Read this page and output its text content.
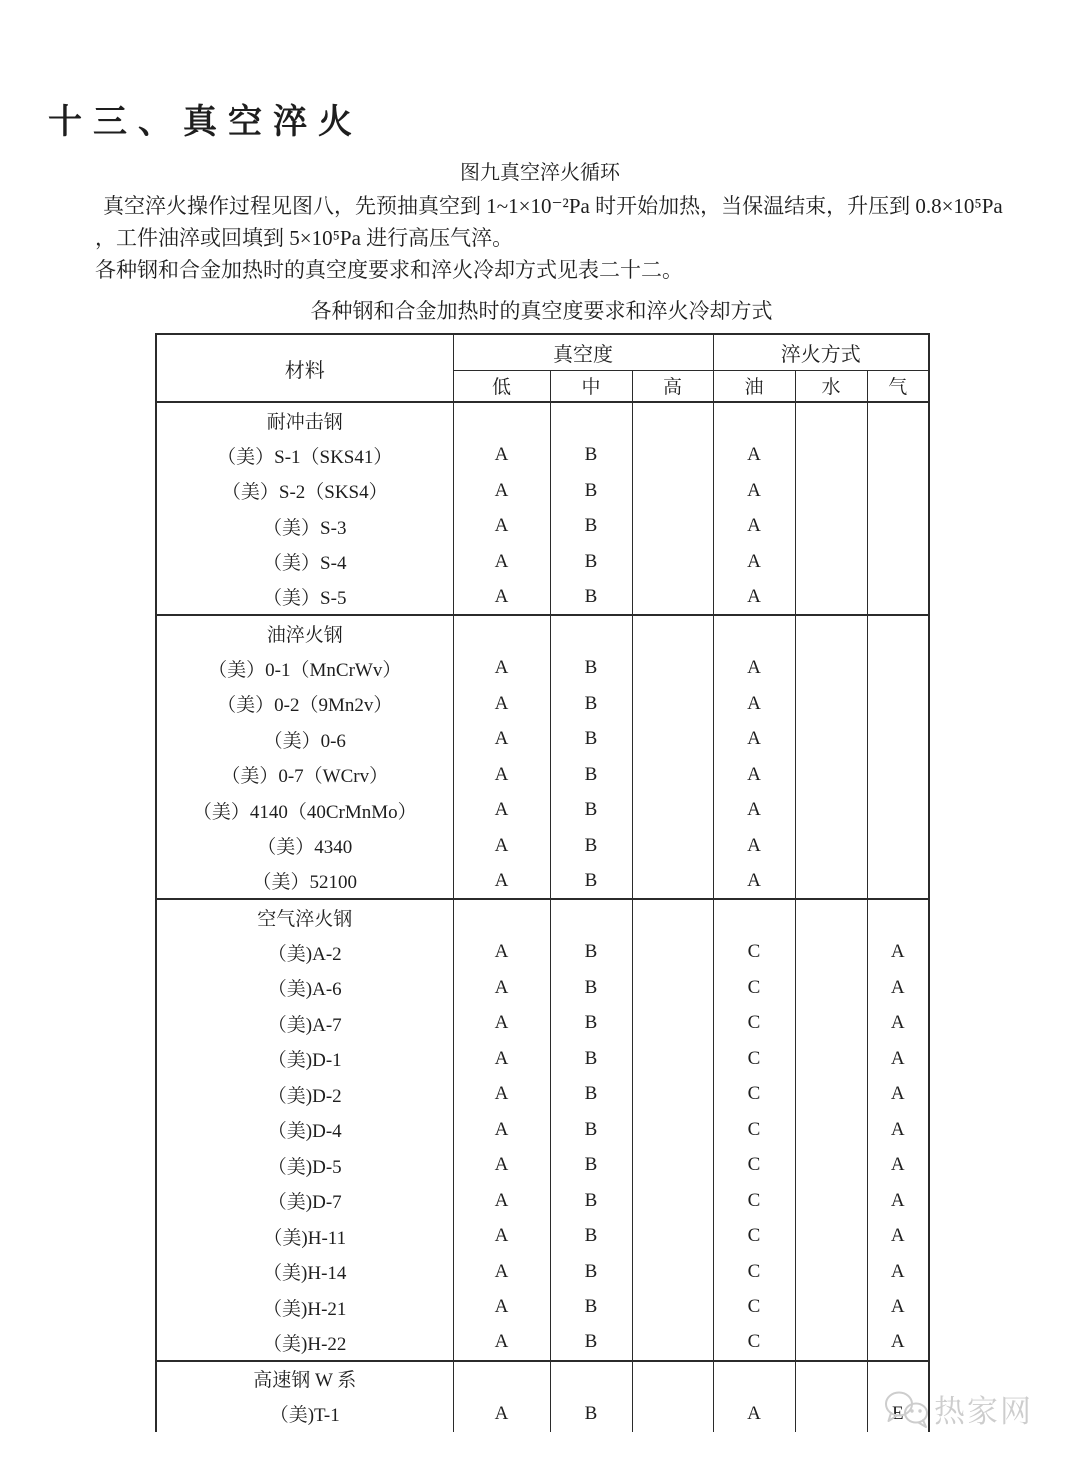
十三、真空淬火
图九真空淬火循环
真空淬火操作过程见图八，先预抽真空到 1~1×10⁻²Pa 时开始加热，当保温结束，升压到 0.8×10⁵Pa
，工件油淬或回填到 5×10⁵Pa 进行高压气淬。
各种钢和合金加热时的真空度要求和淬火冷却方式见表二十二。
各种钢和合金加热时的真空度要求和淬火冷却方式
材料	真空度			淬火方式		
	低	中	高	油	水	气
耐冲击钢						
（美）S-1（SKS41）	A	B		A		
（美）S-2（SKS4）	A	B		A		
（美）S-3	A	B		A		
（美）S-4	A	B		A		
（美）S-5	A	B		A		
油淬火钢						
（美）0-1（MnCrWv）	A	B		A		
（美）0-2（9Mn2v）	A	B		A		
（美）0-6	A	B		A		
（美）0-7（WCrv）	A	B		A		
（美）4140（40CrMnMo）	A	B		A		
（美）4340	A	B		A		
（美）52100	A	B		A		
空气淬火钢						
（美)A-2	A	B		C		A
（美)A-6	A	B		C		A
（美)A-7	A	B		C		A
（美)D-1	A	B		C		A
（美)D-2	A	B		C		A
（美)D-4	A	B		C		A
（美)D-5	A	B		C		A
（美)D-7	A	B		C		A
（美)H-11	A	B		C		A
（美)H-14	A	B		C		A
（美)H-21	A	B		C		A
（美)H-22	A	B		C		A
高速钢 W 系						
（美)T-1	A	B		A		E 热家网
